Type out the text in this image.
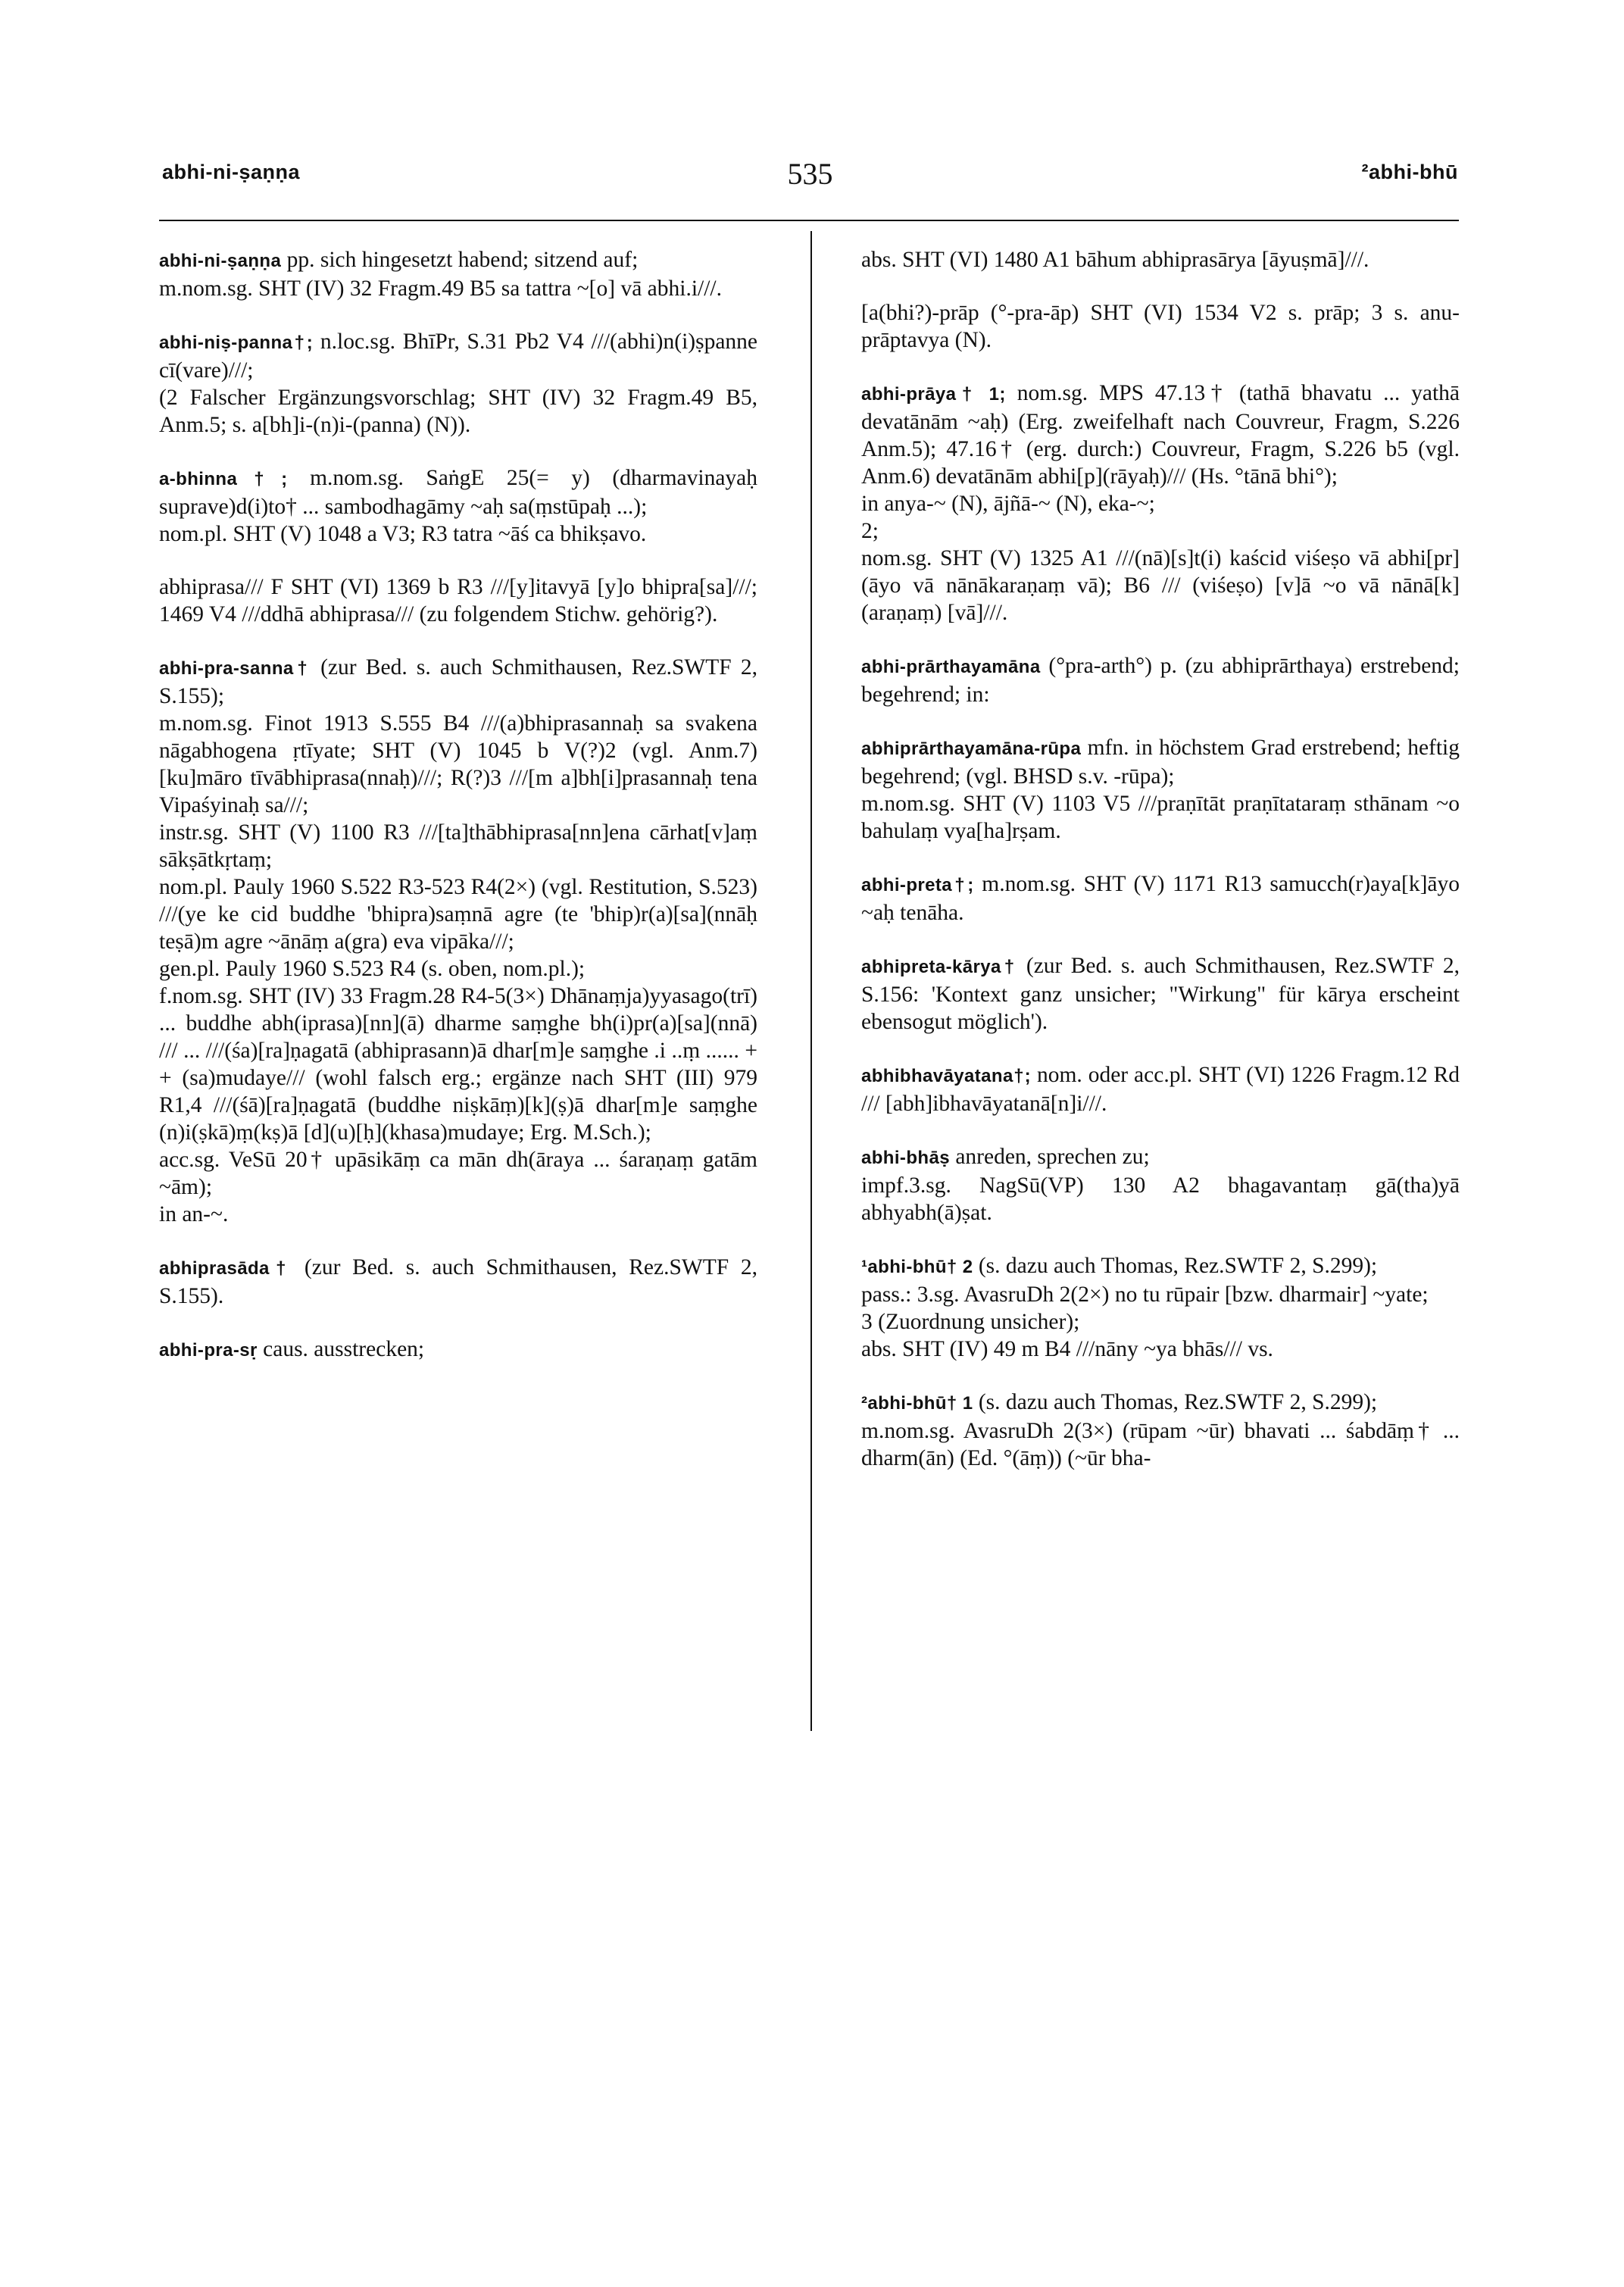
abhi-ni-ṣaṇṇa	535	²abhi-bhū

abhi-ni-ṣaṇṇa pp. sich hingesetzt habend; sitzend auf;

m.nom.sg. SHT (IV) 32 Fragm.49 B5 sa tattra ~[o] vā abhi.i///.

abhi-niṣ-panna†; n.loc.sg. BhīPr, S.31 Pb2 V4 ///(abhi)n(i)ṣpanne cī(vare)///;

(2 Falscher Ergänzungsvorschlag; SHT (IV) 32 Fragm.49 B5, Anm.5; s. a[bh]i-(n)i-(panna) (N)).

a-bhinna†; m.nom.sg. SaṅgE 25(= y) (dharmavinayaḥ suprave)d(i)to† ... sambodhagāmy ~aḥ sa(ṃstūpaḥ ...);

nom.pl. SHT (V) 1048 a V3; R3 tatra ~āś ca bhikṣavo.

abhiprasa/// F SHT (VI) 1369 b R3 ///[y]itavyā [y]o bhipra[sa]///; 1469 V4 ///ddhā abhiprasa/// (zu folgendem Stichw. gehörig?).

abhi-pra-sanna† (zur Bed. s. auch Schmithausen, Rez.SWTF 2, S.155);

m.nom.sg. Finot 1913 S.555 B4 ///(a)bhiprasannaḥ sa svakena nāgabhogena ṛtīyate; SHT (V) 1045 b V(?)2 (vgl. Anm.7) [ku]māro tīvābhiprasa(nnaḥ)///; R(?)3 ///[m a]bh[i]prasannaḥ tena Vipaśyinaḥ sa///;

instr.sg. SHT (V) 1100 R3 ///[ta]thābhiprasa[nn]ena cārhat[v]aṃ sākṣātkṛtaṃ;

nom.pl. Pauly 1960 S.522 R3-523 R4(2×) (vgl. Restitution, S.523) ///(ye ke cid buddhe 'bhipra)saṃnā agre (te 'bhip)r(a)[sa](nnāḥ teṣā)m agre ~ānāṃ a(gra) eva vipāka///;

gen.pl. Pauly 1960 S.523 R4 (s. oben, nom.pl.);

f.nom.sg. SHT (IV) 33 Fragm.28 R4-5(3×) Dhānaṃja)yyasago(trī) ... buddhe abh(iprasa)[nn](ā) dharme saṃghe bh(i)pr(a)[sa](nnā) /// ... ///(śa)[ra]ṇagatā (abhiprasann)ā dhar[m]e saṃghe .i ..ṃ ...... + + (sa)mudaye/// (wohl falsch erg.; ergänze nach SHT (III) 979 R1,4 ///(śā)[ra]ṇagatā (buddhe niṣkāṃ)[k](ṣ)ā dhar[m]e saṃghe (n)i(ṣkā)ṃ(kṣ)ā [d](u)[ḥ](khasa)mudaye; Erg. M.Sch.);

acc.sg. VeSū 20† upāsikāṃ ca mān dh(āraya ... śaraṇaṃ gatām ~ām);

in an-~.

abhiprasāda† (zur Bed. s. auch Schmithausen, Rez.SWTF 2, S.155).

abhi-pra-sṛ caus. ausstrecken;

abs. SHT (VI) 1480 A1 bāhum abhiprasārya [āyuṣmā]///.

[a(bhi?)-prāp (°-pra-āp) SHT (VI) 1534 V2 s. prāp; 3 s. anu-prāptavya (N).

abhi-prāya† 1; nom.sg. MPS 47.13† (tathā bhavatu ... yathā devatānām ~aḥ) (Erg. zweifelhaft nach Couvreur, Fragm, S.226 Anm.5); 47.16† (erg. durch:) Couvreur, Fragm, S.226 b5 (vgl. Anm.6) devatānām abhi[p](rāyaḥ)/// (Hs. °tānā bhi°);

in anya-~ (N), ājñā-~ (N), eka-~;

2;

nom.sg. SHT (V) 1325 A1 ///(nā)[s]t(i) kaścid viśeṣo vā abhi[pr](āyo vā nānākaraṇaṃ vā); B6 /// (viśeṣo) [v]ā ~o vā nānā[k](araṇaṃ) [vā]///.

abhi-prārthayamāna (°pra-arth°) p. (zu abhiprārthaya) erstrebend; begehrend; in:

abhiprārthayamāna-rūpa mfn. in höchstem Grad erstrebend; heftig begehrend; (vgl. BHSD s.v. -rūpa);

m.nom.sg. SHT (V) 1103 V5 ///praṇītāt praṇītataraṃ sthānam ~o bahulaṃ vya[ha]rṣam.

abhi-preta†; m.nom.sg. SHT (V) 1171 R13 samucch(r)aya[k]āyo ~aḥ tenāha.

abhipreta-kārya† (zur Bed. s. auch Schmithausen, Rez.SWTF 2, S.156: 'Kontext ganz unsicher; "Wirkung" für kārya erscheint ebensogut möglich').

abhibhavāyatana†; nom. oder acc.pl. SHT (VI) 1226 Fragm.12 Rd /// [abh]ibhavāyatanā[n]i///.

abhi-bhāṣ anreden, sprechen zu;

impf.3.sg. NagSū(VP) 130 A2 bhagavantaṃ gā(tha)yā abhyabh(ā)ṣat.

¹abhi-bhū† 2 (s. dazu auch Thomas, Rez.SWTF 2, S.299);

pass.: 3.sg. AvasruDh 2(2×) no tu rūpair [bzw. dharmair] ~yate;

3 (Zuordnung unsicher);

abs. SHT (IV) 49 m B4 ///nāny ~ya bhās/// vs.

²abhi-bhū† 1 (s. dazu auch Thomas, Rez.SWTF 2, S.299);

m.nom.sg. AvasruDh 2(3×) (rūpam ~ūr) bhavati ... śabdāṃ† ... dharm(ān) (Ed. °(āṃ)) (~ūr bha-
